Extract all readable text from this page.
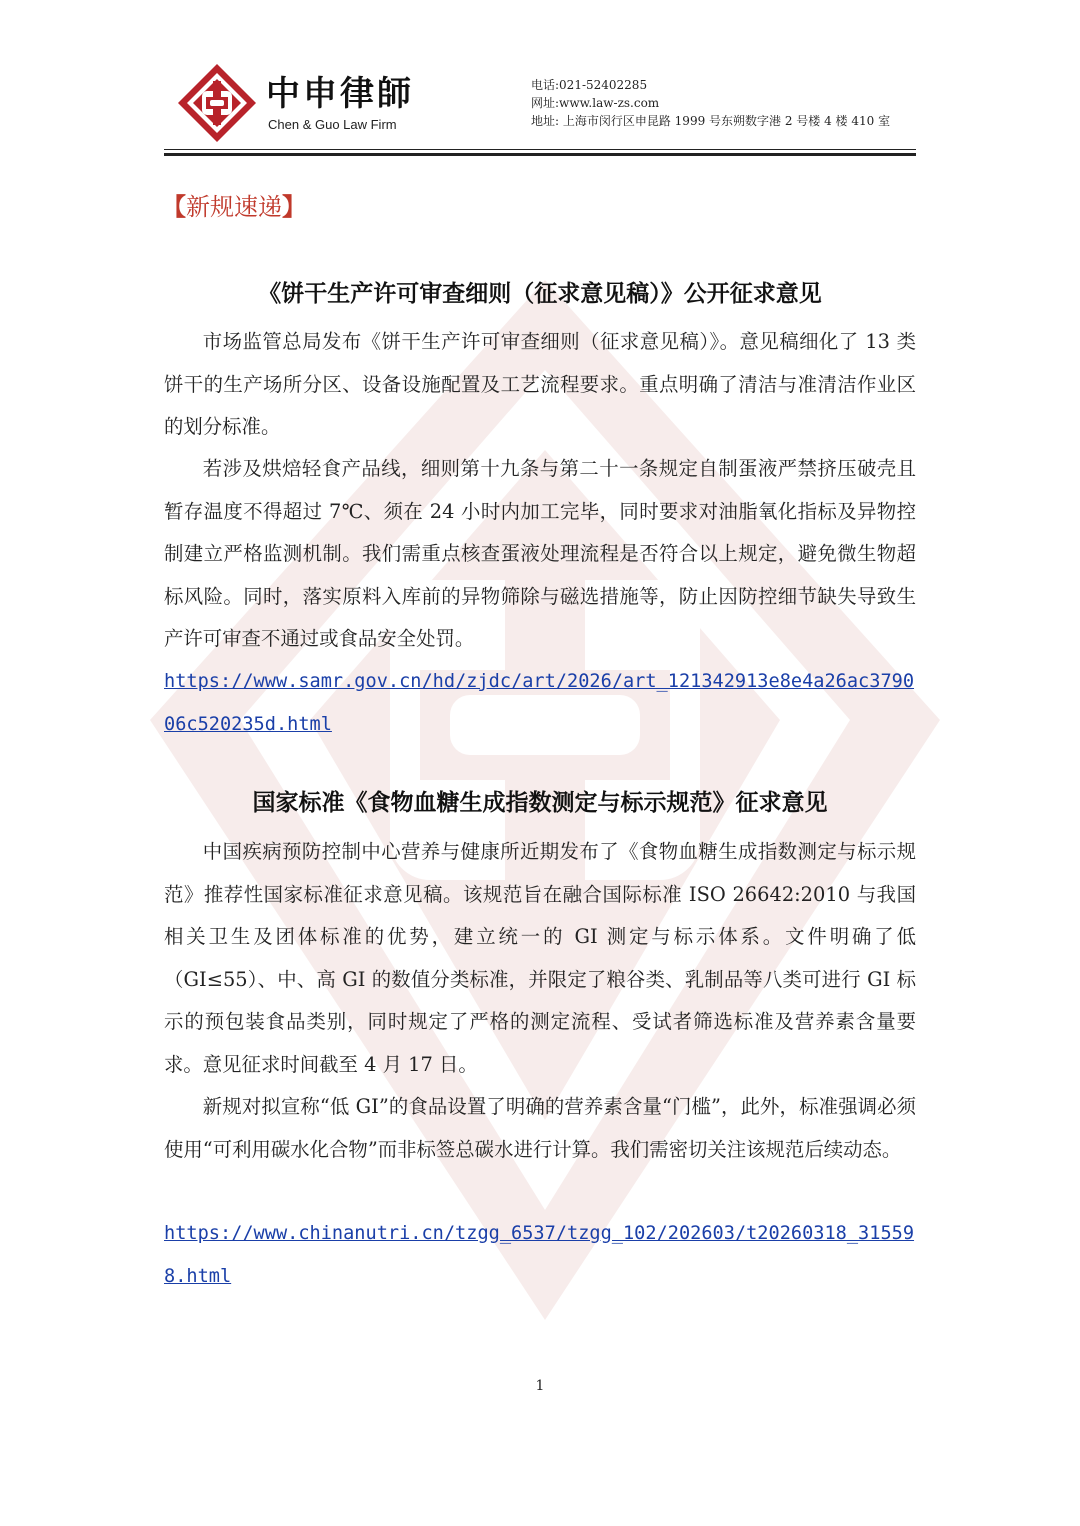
中申律師
Chen & Guo Law Firm
电话:021-52402285
网址:www.law-zs.com
地址: 上海市闵行区申昆路 1999 号东朔数字港 2 号楼 4 楼 410 室
【新规速递】
《饼干生产许可审查细则（征求意见稿）》公开征求意见

市场监管总局发布《饼干生产许可审查细则（征求意见稿）》。意见稿细化了 13 类饼干的生产场所分区、设备设施配置及工艺流程要求。重点明确了清洁与准清洁作业区的划分标准。

若涉及烘焙轻食产品线，细则第十九条与第二十一条规定自制蛋液严禁挤压破壳且暂存温度不得超过 7℃、须在 24 小时内加工完毕，同时要求对油脂氧化指标及异物控制建立严格监测机制。我们需重点核查蛋液处理流程是否符合以上规定，避免微生物超标风险。同时，落实原料入库前的异物筛除与磁选措施等，防止因防控细节缺失导致生产许可审查不通过或食品安全处罚。

https://www.samr.gov.cn/hd/zjdc/art/2026/art_121342913e8e4a26ac379006c520235d.html

国家标准《食物血糖生成指数测定与标示规范》征求意见

中国疾病预防控制中心营养与健康所近期发布了《食物血糖生成指数测定与标示规范》推荐性国家标准征求意见稿。该规范旨在融合国际标准 ISO 26642:2010 与我国相关卫生及团体标准的优势，建立统一的 GI 测定与标示体系。文件明确了低（GI≤55）、中、高 GI 的数值分类标准，并限定了粮谷类、乳制品等八类可进行 GI 标示的预包装食品类别，同时规定了严格的测定流程、受试者筛选标准及营养素含量要求。意见征求时间截至 4 月 17 日。

新规对拟宣称“低 GI”的食品设置了明确的营养素含量“门槛”，此外，标准强调必须使用“可利用碳水化合物”而非标签总碳水进行计算。我们需密切关注该规范后续动态。

https://www.chinanutri.cn/tzgg_6537/tzgg_102/202603/t20260318_315598.html

1
